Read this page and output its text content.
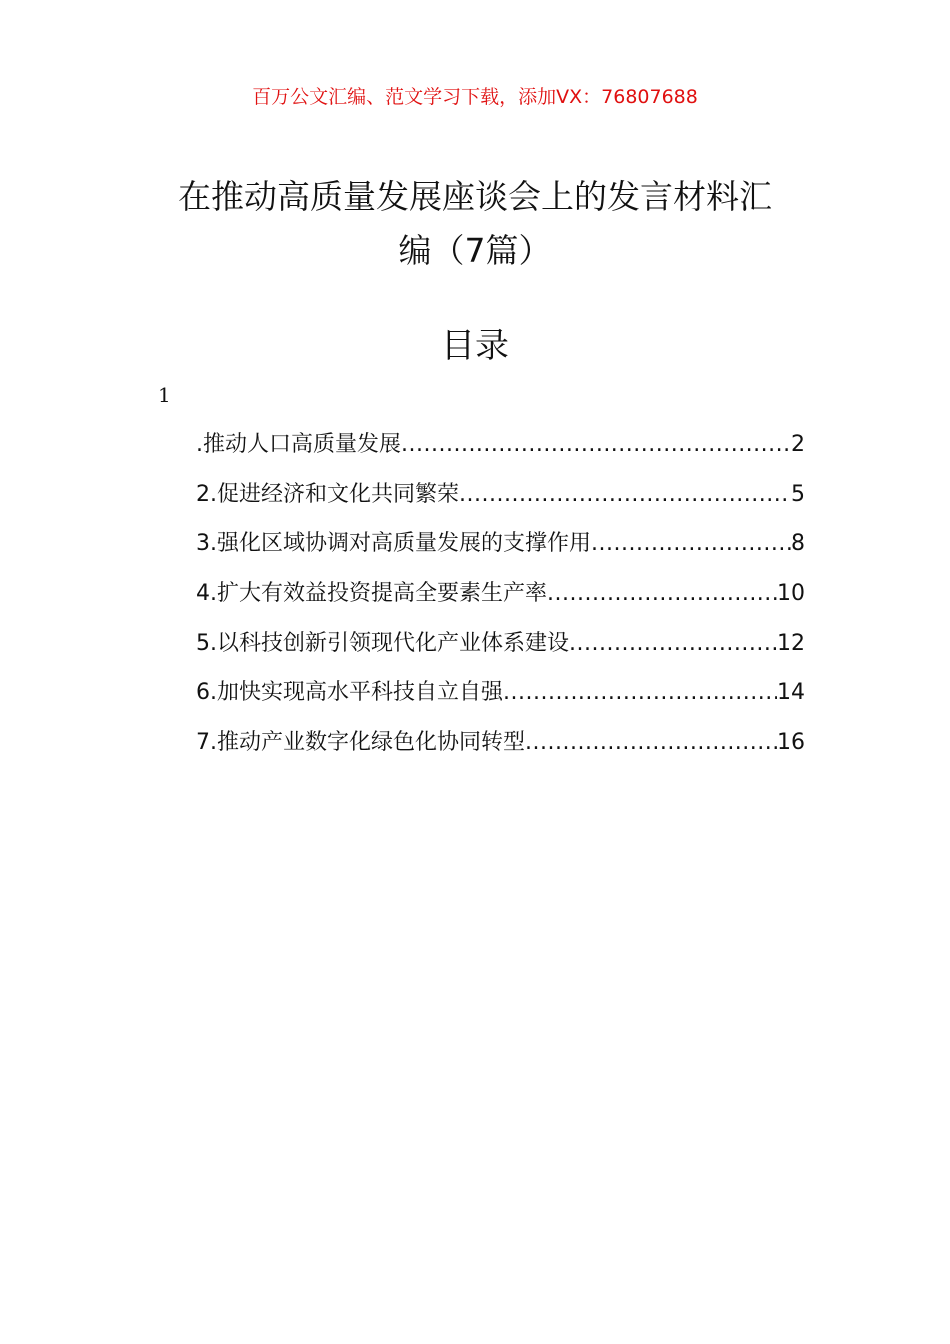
百万公文汇编、范文学习下载，添加VX：76807688
在推动高质量发展座谈会上的发言材料汇
编（7篇）
目录
1
.推动人口高质量发展 .....	2
2.促进经济和文化共同繁荣 .....	5
3.强化区域协调对高质量发展的支撑作用 .....	8
4.扩大有效益投资提高全要素生产率 .....	10
5.以科技创新引领现代化产业体系建设 .....	12
6.加快实现高水平科技自立自强 .....	14
7.推动产业数字化绿色化协同转型 .....	16
